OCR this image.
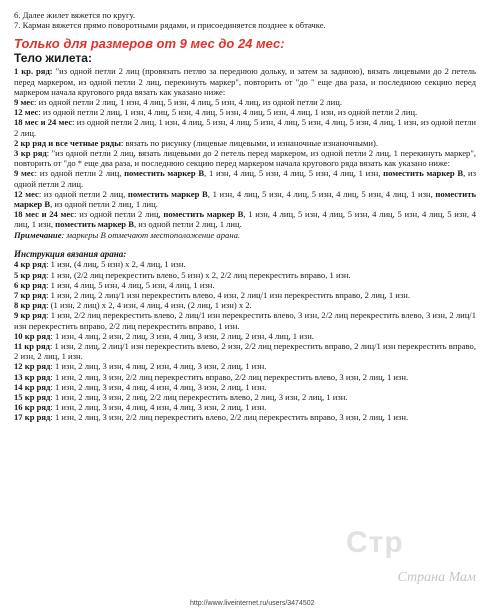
6. Далее жилет вяжется по кругу.

7. Карман вяжется прямо поворотными рядами, и присоединяется позднее к обтачке.

Только для размеров от 9 мес до 24 мес:

Тело жилета:

1 кр. ряд: "из одной петли 2 лиц (провязать петлю за переднюю дольку, и затем за заднюю), вязать лицевыми до 2 петель перед маркером, из одной петли 2 лиц, перекинуть маркер", повторить от "до " еще два раза, и последнюю секцию перед маркером начала кругового ряда вязать как указано ниже:

9 мес: из одной петли 2 лиц, 1 изн, 4 лиц, 5 изн, 4 лиц, 5 изн, 4 лиц, из одной петли 2 лиц.

12 мес: из одной петли 2 лиц, 1 изн, 4 лиц, 5 изн, 4 лиц, 5 изн, 4 лиц, 5 изн, 4 лиц, 1 изн, из одной петли 2 лиц.

18 мес и 24 мес: из одной петли 2 лиц, 1 изн, 4 лиц, 5 изн, 4 лиц, 5 изн, 4 лиц, 5 изн, 4 лиц, 5 изн, 4 лиц, 1 изн, из одной петли 2 лиц.

2 кр ряд и все четные ряды: вязать по рисунку (лицевые лицевыми, и изнаночные изнаночными).

3 кр ряд: "из одной петли 2 лиц, вязать лицевыми до 2 петель перед маркером, из одной петли 2 лиц, 1 перекинуть маркер", повторить от "до * еще два раза, и последнюю секцию перед маркером начала кругового ряда вязать как указано ниже:

9 мес: из одной петли 2 лиц, поместить маркер B, 1 изн, 4 лиц, 5 изн, 4 лиц, 5 изн, 4 лиц, 1 изн, поместить маркер B, из одной петли 2 лиц.

12 мес: из одной петли 2 лиц, поместить маркер B, 1 изн, 4 лиц, 5 изн, 4 лиц, 5 изн, 4 лиц, 5 изн, 4 лиц, 1 изн, поместить маркер B, из одной петли 2 лиц, 1 лиц.

18 мес и 24 мес: из одной петли 2 лиц, поместить маркер B, 1 изн, 4 лиц, 5 изн, 4 лиц, 5 изн, 4 лиц, 5 изн, 4 лиц, 5 изн, 4 лиц, 1 изн, поместить маркер B, из одной петли 2 лиц, 1 лиц.

Примечание: маркеры B отмечают местоположение арана.

Инструкция вязания арана:

4 кр ряд: 1 изн, (4 лиц, 5 изн) x 2, 4 лиц, 1 изн.

5 кр ряд: 1 изн, (2/2 лиц перекрестить влево, 5 изн) x 2, 2/2 лиц перекрестить вправо, 1 изн.

6 кр ряд: 1 изн, 4 лиц, 5 изн, 4 лиц, 5 изн, 4 лиц, 1 изн.

7 кр ряд: 1 изн, 2 лиц, 2 лиц/1 изн перекрестить влево, 4 изн, 2 лиц/1 изн перекрестить вправо, 2 лиц, 1 изн.

8 кр ряд: (1 изн, 2 лиц) x 2, 4 изн, 4 лиц, 4 изн, (2 лиц, 1 изн) x 2.

9 кр ряд: 1 изн, 2/2 лиц перекрестить влево, 2 лиц/1 изн перекрестить влево, 3 изн, 2/2 лиц перекрестить влево, 3 изн, 2 лиц/1 изн перекрестить вправо, 2/2 лиц перекрестить вправо, 1 изн.

10 кр ряд: 1 изн, 4 лиц, 2 изн, 2 лиц, 3 изн, 4 лиц, 3 изн, 2 лиц, 2 изн, 4 лиц, 1 изн.

11 кр ряд: 1 изн, 2 лиц, 2 лиц/1 изн перекрестить влево, 2 изн, 2/2 лиц перекрестить вправо, 2 лиц/1 изн перекрестить вправо, 2 изн, 2 лиц, 1 изн.

12 кр ряд: 1 изн, 2 лиц, 3 изн, 4 лиц, 2 изн, 4 лиц, 3 изн, 2 лиц, 1 изн.

13 кр ряд: 1 изн, 2 лиц, 3 изн, 2/2 лиц перекрестить вправо, 2/2 лиц перекрестить влево, 3 изн, 2 лиц, 1 изн.

14 кр ряд: 1 изн, 2 лиц, 3 изн, 4 лиц, 4 изн, 4 лиц, 3 изн, 2 лиц, 1 изн.

15 кр ряд: 1 изн, 2 лиц, 3 изн, 2 лиц, 2/2 лиц перекрестить влево, 2 лиц, 3 изн, 2 лиц, 1 изн.

16 кр ряд: 1 изн, 2 лиц, 3 изн, 4 лиц, 4 изн, 4 лиц, 3 изн, 2 лиц, 1 изн.

17 кр ряд: 1 изн, 2 лиц, 3 изн, 2/2 лиц перекрестить влево, 2/2 лиц перекрестить вправо, 3 изн, 2 лиц, 1 изн.

Стр
Страна Мам
http://www.liveinternet.ru/users/3474502
